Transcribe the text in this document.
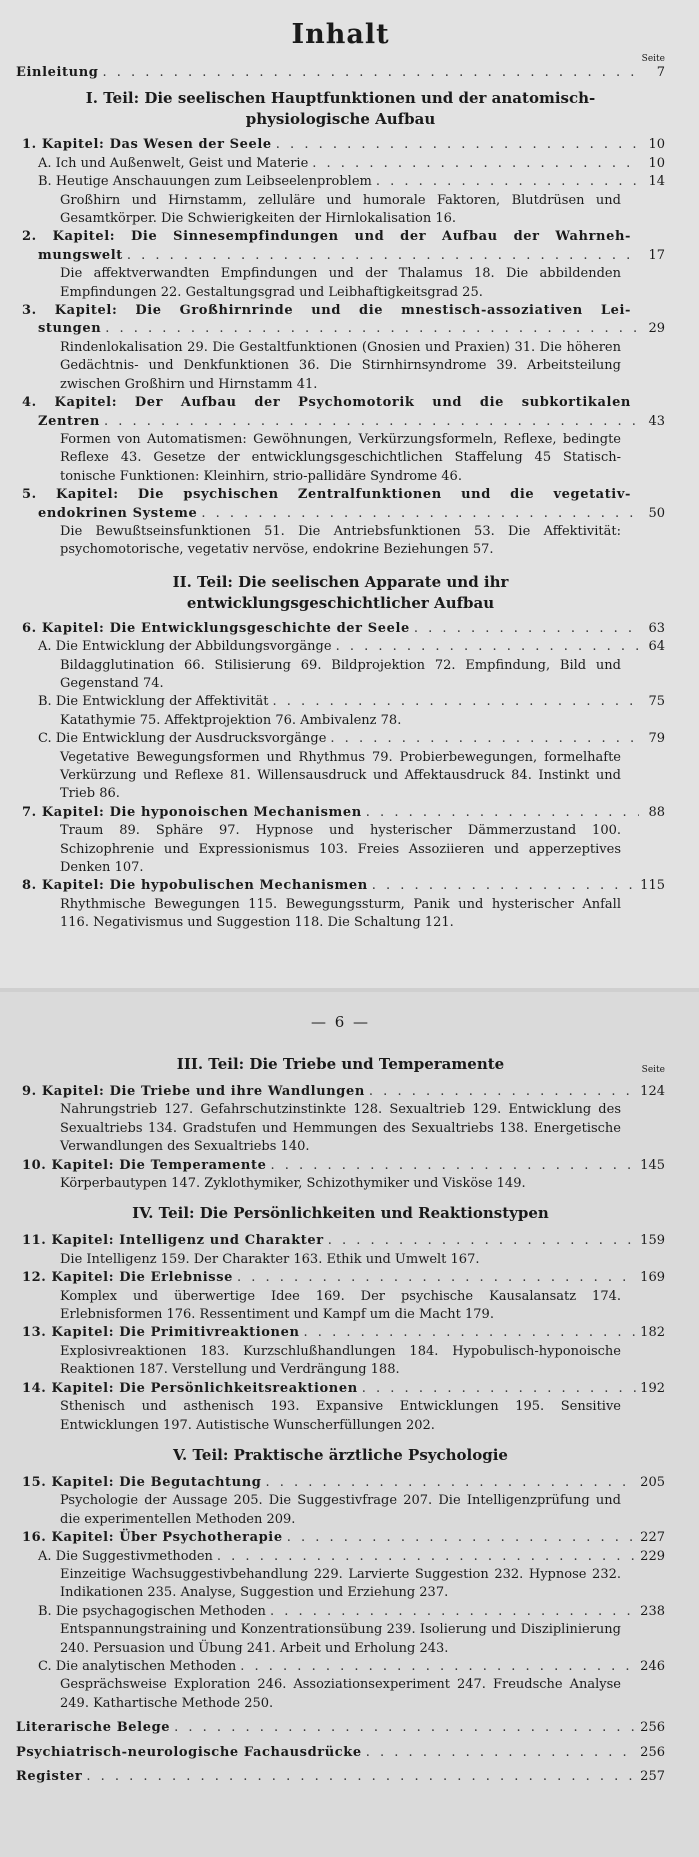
Inhalt
Seite
Einleitung . . .	7
I. Teil: Die seelischen Hauptfunktionen und der anatomisch-physiologische Aufbau
1. Kapitel: Das Wesen der Seele . . .	10
A. Ich und Außenwelt, Geist und Materie . . .	10
B. Heutige Anschauungen zum Leibseelenproblem . . .	14
Großhirn und Hirnstamm, zelluläre und humorale Faktoren, Blutdrüsen und Gesamtkörper. Die Schwierigkeiten der Hirnlokalisation 16.
2. Kapitel: Die Sinnesempfindungen und der Aufbau der Wahrneh-
mungswelt . . .	17
Die affektverwandten Empfindungen und der Thalamus 18. Die abbildenden Empfindungen 22. Gestaltungsgrad und Leibhaftigkeitsgrad 25.
3. Kapitel: Die Großhirnrinde und die mnestisch-assoziativen Lei-
stungen . . .	29
Rindenlokalisation 29. Die Gestaltfunktionen (Gnosien und Praxien) 31. Die höheren Gedächtnis- und Denkfunktionen 36. Die Stirnhirnsyndrome 39. Arbeitsteilung zwischen Großhirn und Hirnstamm 41.
4. Kapitel: Der Aufbau der Psychomotorik und die subkortikalen
Zentren . . .	43
Formen von Automatismen: Gewöhnungen, Verkürzungsformeln, Reflexe, bedingte Reflexe 43. Gesetze der entwicklungsgeschichtlichen Staffelung 45 Statisch-tonische Funktionen: Kleinhirn, strio-pallidäre Syndrome 46.
5. Kapitel: Die psychischen Zentralfunktionen und die vegetativ-
endokrinen Systeme . . .	50
Die Bewußtseinsfunktionen 51. Die Antriebsfunktionen 53. Die Affektivität: psychomotorische, vegetativ nervöse, endokrine Beziehungen 57.
II. Teil: Die seelischen Apparate und ihr entwicklungsgeschichtlicher Aufbau
6. Kapitel: Die Entwicklungsgeschichte der Seele . . .	63
A. Die Entwicklung der Abbildungsvorgänge . . .	64
Bildagglutination 66. Stilisierung 69. Bildprojektion 72. Empfindung, Bild und Gegenstand 74.
B. Die Entwicklung der Affektivität . . .	75
Katathymie 75. Affektprojektion 76. Ambivalenz 78.
C. Die Entwicklung der Ausdrucksvorgänge . . .	79
Vegetative Bewegungsformen und Rhythmus 79. Probierbewegungen, formelhafte Verkürzung und Reflexe 81. Willensausdruck und Affektausdruck 84. Instinkt und Trieb 86.
7. Kapitel: Die hyponoischen Mechanismen . . .	88
Traum 89. Sphäre 97. Hypnose und hysterischer Dämmerzustand 100. Schizophrenie und Expressionismus 103. Freies Assoziieren und apperzeptives Denken 107.
8. Kapitel: Die hypobulischen Mechanismen . . .	115
Rhythmische Bewegungen 115. Bewegungssturm, Panik und hysterischer Anfall 116. Negativismus und Suggestion 118. Die Schaltung 121.
— 6 —
III. Teil: Die Triebe und Temperamente	Seite
9. Kapitel: Die Triebe und ihre Wandlungen . . .	124
Nahrungstrieb 127. Gefahrschutzinstinkte 128. Sexualtrieb 129. Entwicklung des Sexualtriebs 134. Gradstufen und Hemmungen des Sexualtriebs 138. Energetische Verwandlungen des Sexualtriebs 140.
10. Kapitel: Die Temperamente . . .	145
Körperbautypen 147. Zyklothymiker, Schizothymiker und Visköse 149.
IV. Teil: Die Persönlichkeiten und Reaktionstypen
11. Kapitel: Intelligenz und Charakter . . .	159
Die Intelligenz 159. Der Charakter 163. Ethik und Umwelt 167.
12. Kapitel: Die Erlebnisse . . .	169
Komplex und überwertige Idee 169. Der psychische Kausalansatz 174. Erlebnisformen 176. Ressentiment und Kampf um die Macht 179.
13. Kapitel: Die Primitivreaktionen . . .	182
Explosivreaktionen 183. Kurzschlußhandlungen 184. Hypobulisch-hyponoische Reaktionen 187. Verstellung und Verdrängung 188.
14. Kapitel: Die Persönlichkeitsreaktionen . . .	192
Sthenisch und asthenisch 193. Expansive Entwicklungen 195. Sensitive Entwicklungen 197. Autistische Wunscherfüllungen 202.
V. Teil: Praktische ärztliche Psychologie
15. Kapitel: Die Begutachtung . . .	205
Psychologie der Aussage 205. Die Suggestivfrage 207. Die Intelligenzprüfung und die experimentellen Methoden 209.
16. Kapitel: Über Psychotherapie . . .	227
A. Die Suggestivmethoden . . .	229
Einzeitige Wachsuggestivbehandlung 229. Larvierte Suggestion 232. Hypnose 232. Indikationen 235. Analyse, Suggestion und Erziehung 237.
B. Die psychagogischen Methoden . . .	238
Entspannungstraining und Konzentrationsübung 239. Isolierung und Disziplinierung 240. Persuasion und Übung 241. Arbeit und Erholung 243.
C. Die analytischen Methoden . . .	246
Gesprächsweise Exploration 246. Assoziationsexperiment 247. Freudsche Analyse 249. Kathartische Methode 250.
Literarische Belege . . .	256
Psychiatrisch-neurologische Fachausdrücke . . .	256
Register . . .	257
